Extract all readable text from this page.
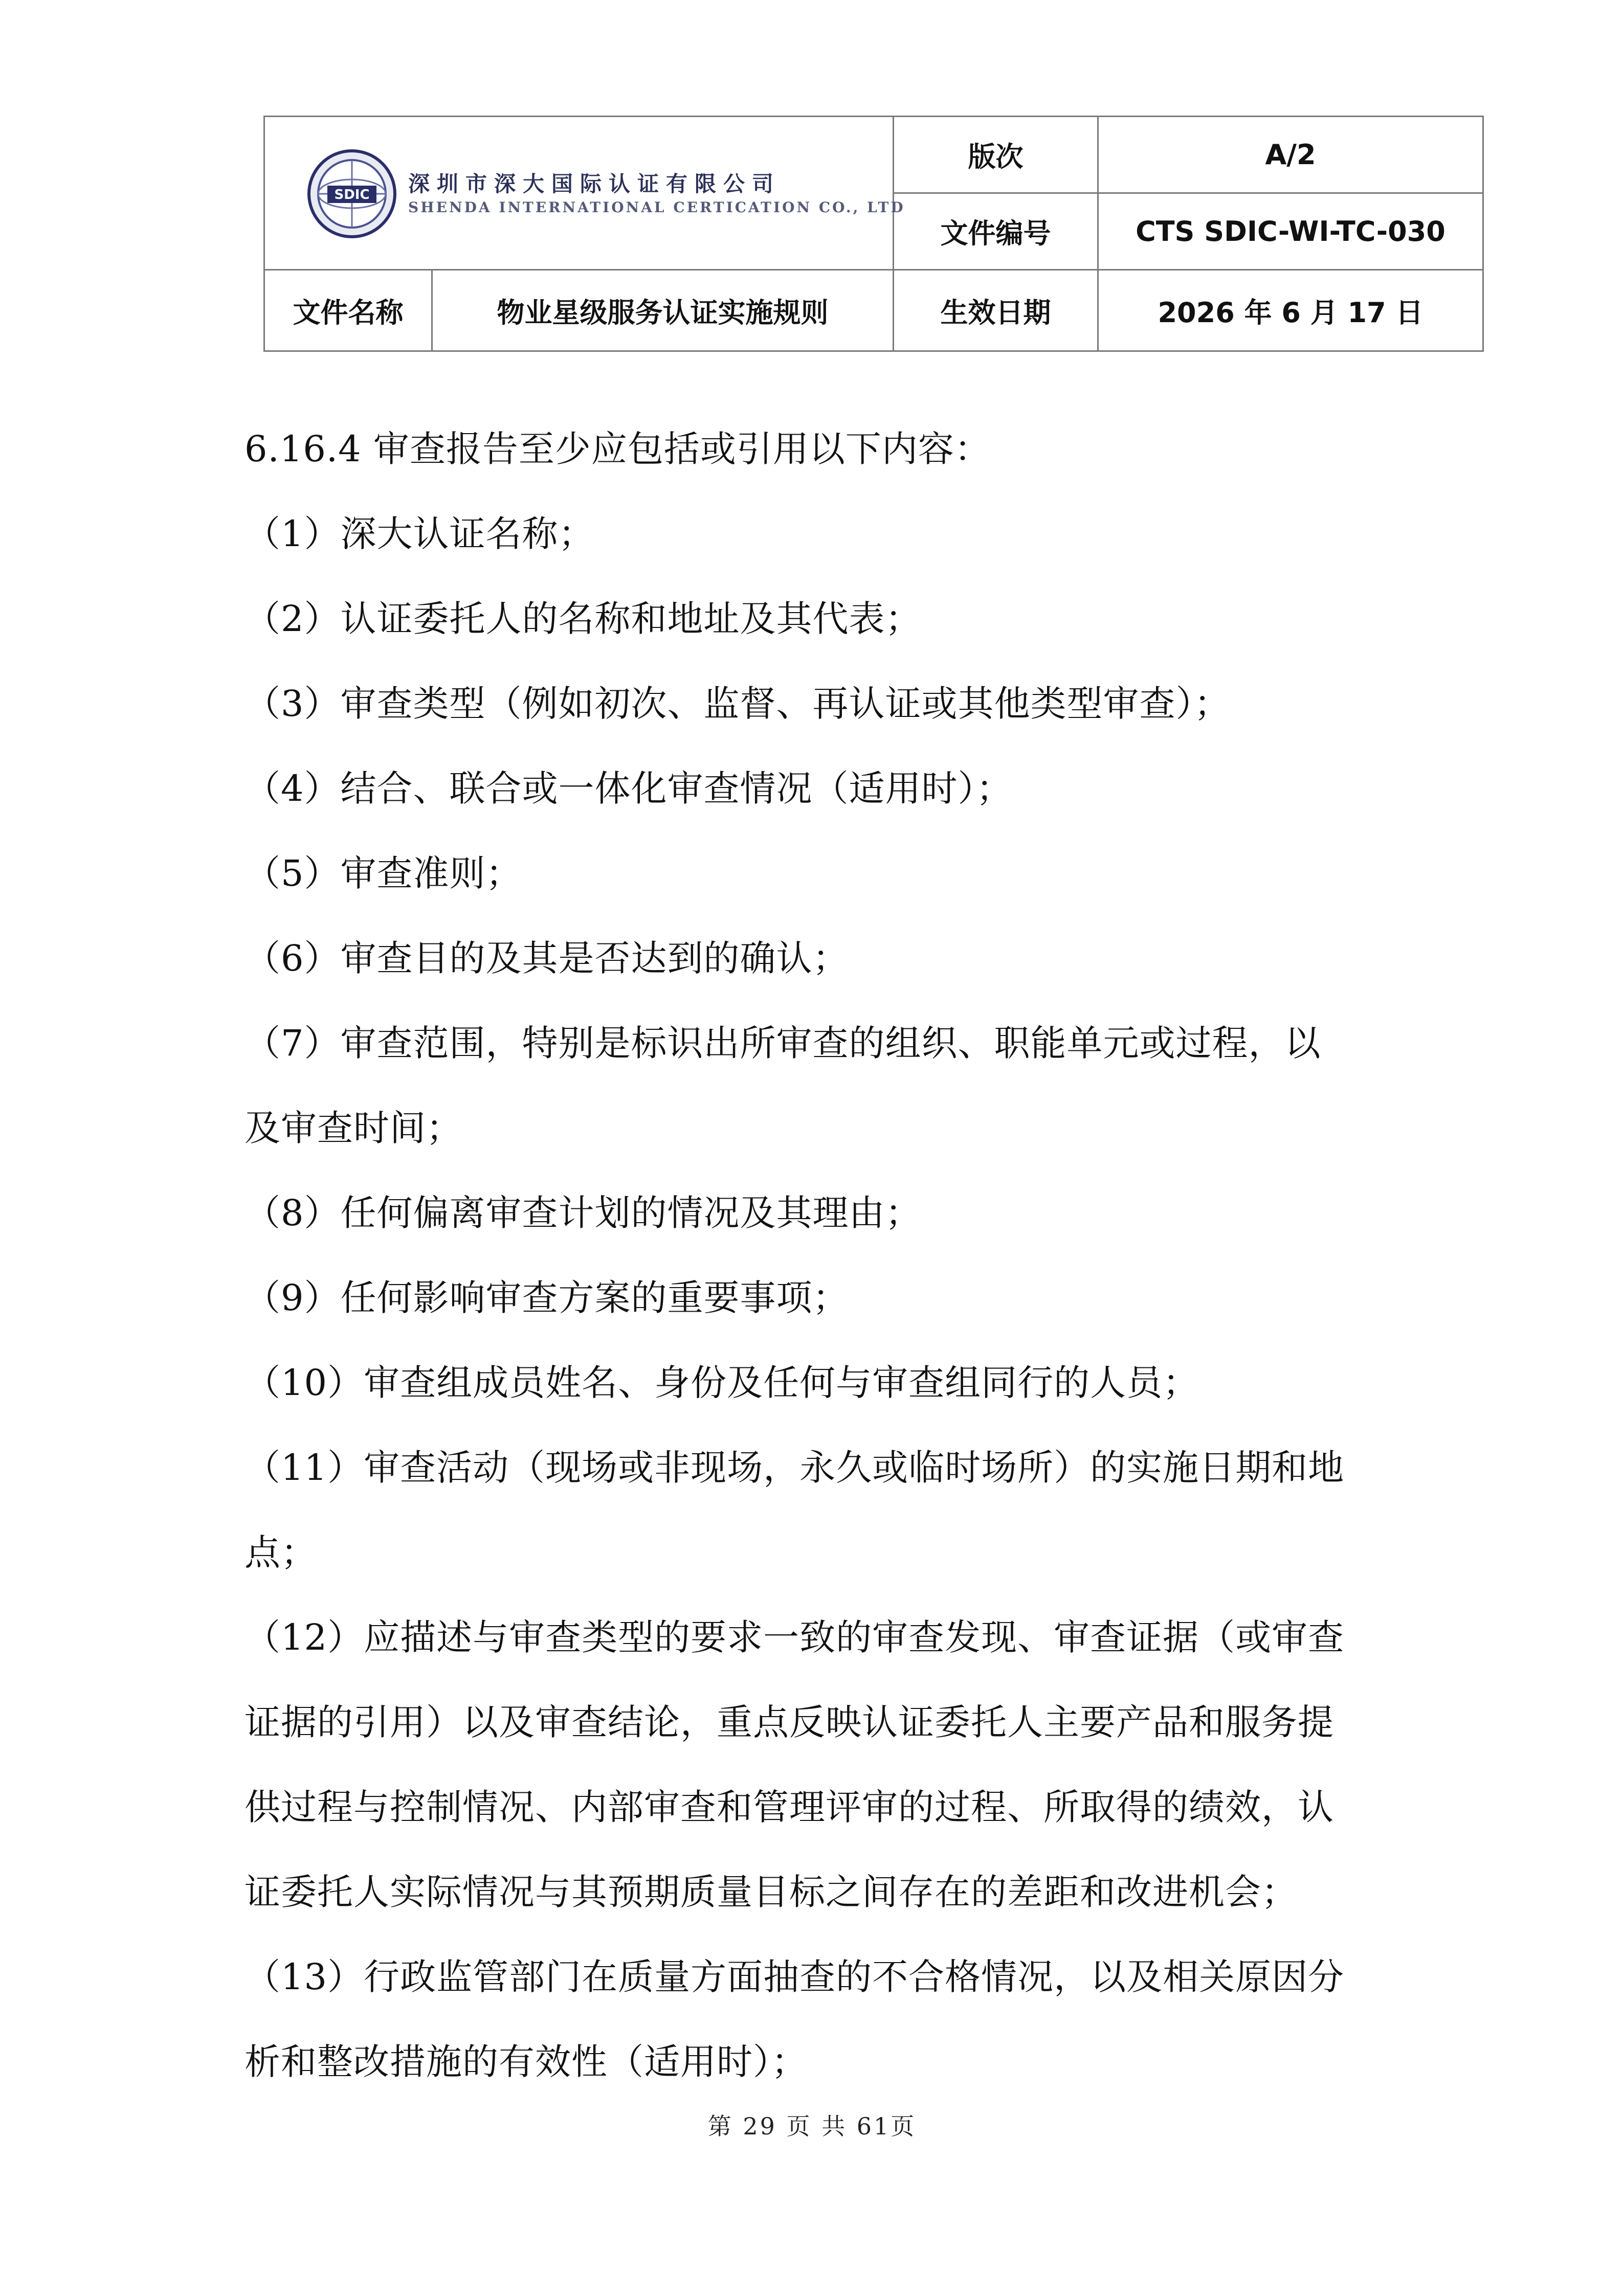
SDIC 深圳市深大国际认证有限公司
SHENDA INTERNATIONAL CERTICATION CO., LTD		版次	A/2
		文件编号	CTS SDIC-WI-TC-030
文件名称	物业星级服务认证实施规则	生效日期	2026 年 6 月 17 日

6.16.4 审查报告至少应包括或引用以下内容：

（1）深大认证名称；

（2）认证委托人的名称和地址及其代表；

（3）审查类型（例如初次、监督、再认证或其他类型审查）；

（4）结合、联合或一体化审查情况（适用时）；

（5）审查准则；

（6）审查目的及其是否达到的确认；

（7）审查范围，特别是标识出所审查的组织、职能单元或过程，以

及审查时间；

（8）任何偏离审查计划的情况及其理由；

（9）任何影响审查方案的重要事项；

（10）审查组成员姓名、身份及任何与审查组同行的人员；

（11）审查活动（现场或非现场，永久或临时场所）的实施日期和地

点；

（12）应描述与审查类型的要求一致的审查发现、审查证据（或审查

证据的引用）以及审查结论，重点反映认证委托人主要产品和服务提

供过程与控制情况、内部审查和管理评审的过程、所取得的绩效，认

证委托人实际情况与其预期质量目标之间存在的差距和改进机会；

（13）行政监管部门在质量方面抽查的不合格情况，以及相关原因分

析和整改措施的有效性（适用时）；

第 29 页 共 61页
